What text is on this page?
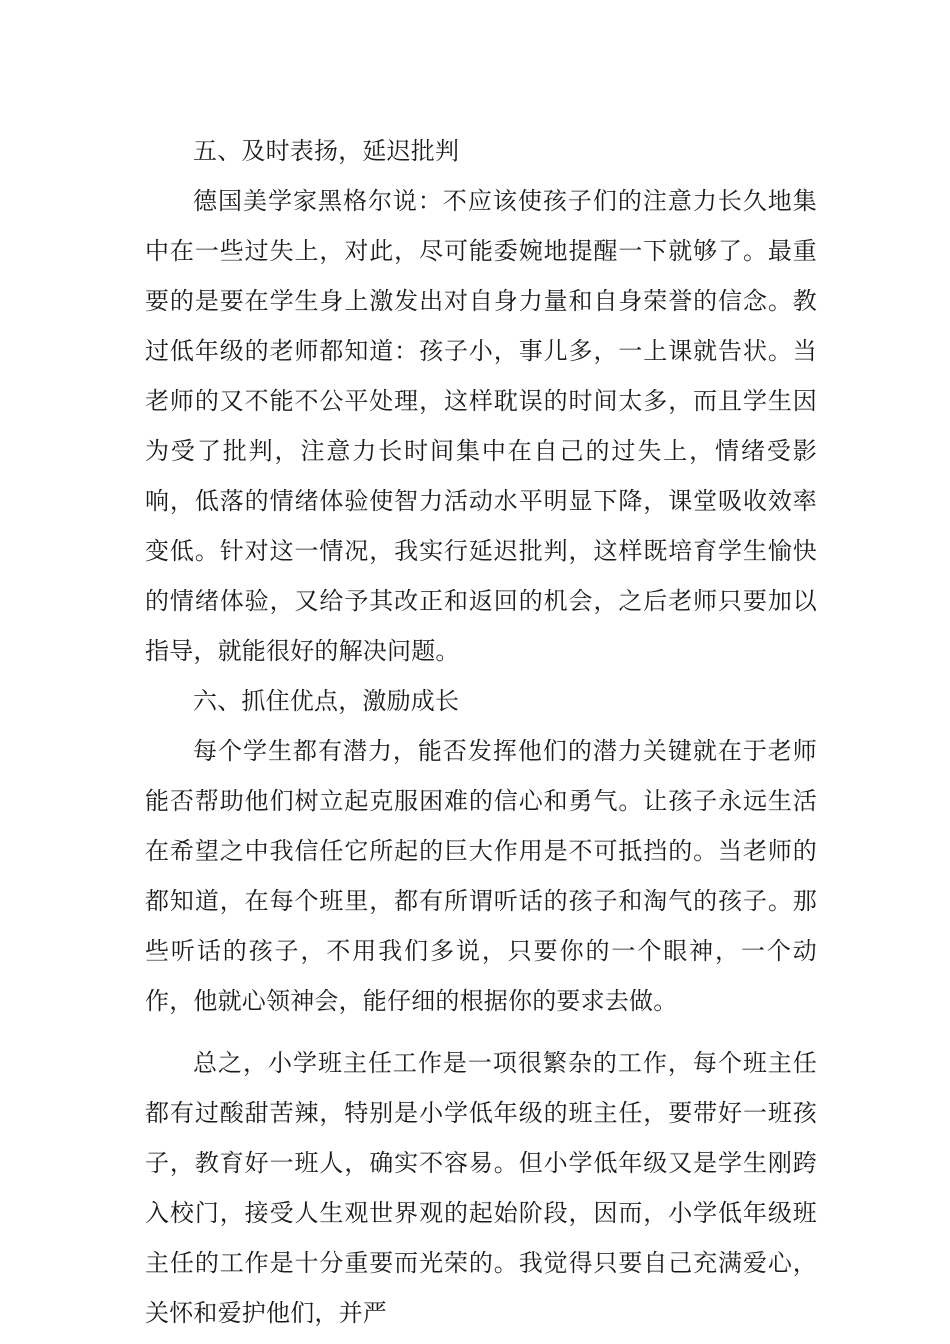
五、及时表扬，延迟批判

德国美学家黑格尔说：不应该使孩子们的注意力长久地集中在一些过失上，对此，尽可能委婉地提醒一下就够了。最重要的是要在学生身上激发出对自身力量和自身荣誉的信念。教过低年级的老师都知道：孩子小，事儿多，一上课就告状。当老师的又不能不公平处理，这样耽误的时间太多，而且学生因为受了批判，注意力长时间集中在自己的过失上，情绪受影响，低落的情绪体验使智力活动水平明显下降，课堂吸收效率变低。针对这一情况，我实行延迟批判，这样既培育学生愉快的情绪体验，又给予其改正和返回的机会，之后老师只要加以指导，就能很好的解决问题。

六、抓住优点，激励成长

每个学生都有潜力，能否发挥他们的潜力关键就在于老师能否帮助他们树立起克服困难的信心和勇气。让孩子永远生活在希望之中我信任它所起的巨大作用是不可抵挡的。当老师的都知道，在每个班里，都有所谓听话的孩子和淘气的孩子。那些听话的孩子，不用我们多说，只要你的一个眼神，一个动作，他就心领神会，能仔细的根据你的要求去做。

总之，小学班主任工作是一项很繁杂的工作，每个班主任都有过酸甜苦辣，特别是小学低年级的班主任，要带好一班孩子，教育好一班人，确实不容易。但小学低年级又是学生刚跨入校门，接受人生观世界观的起始阶段，因而，小学低年级班主任的工作是十分重要而光荣的。我觉得只要自己充满爱心，关怀和爱护他们，并严
